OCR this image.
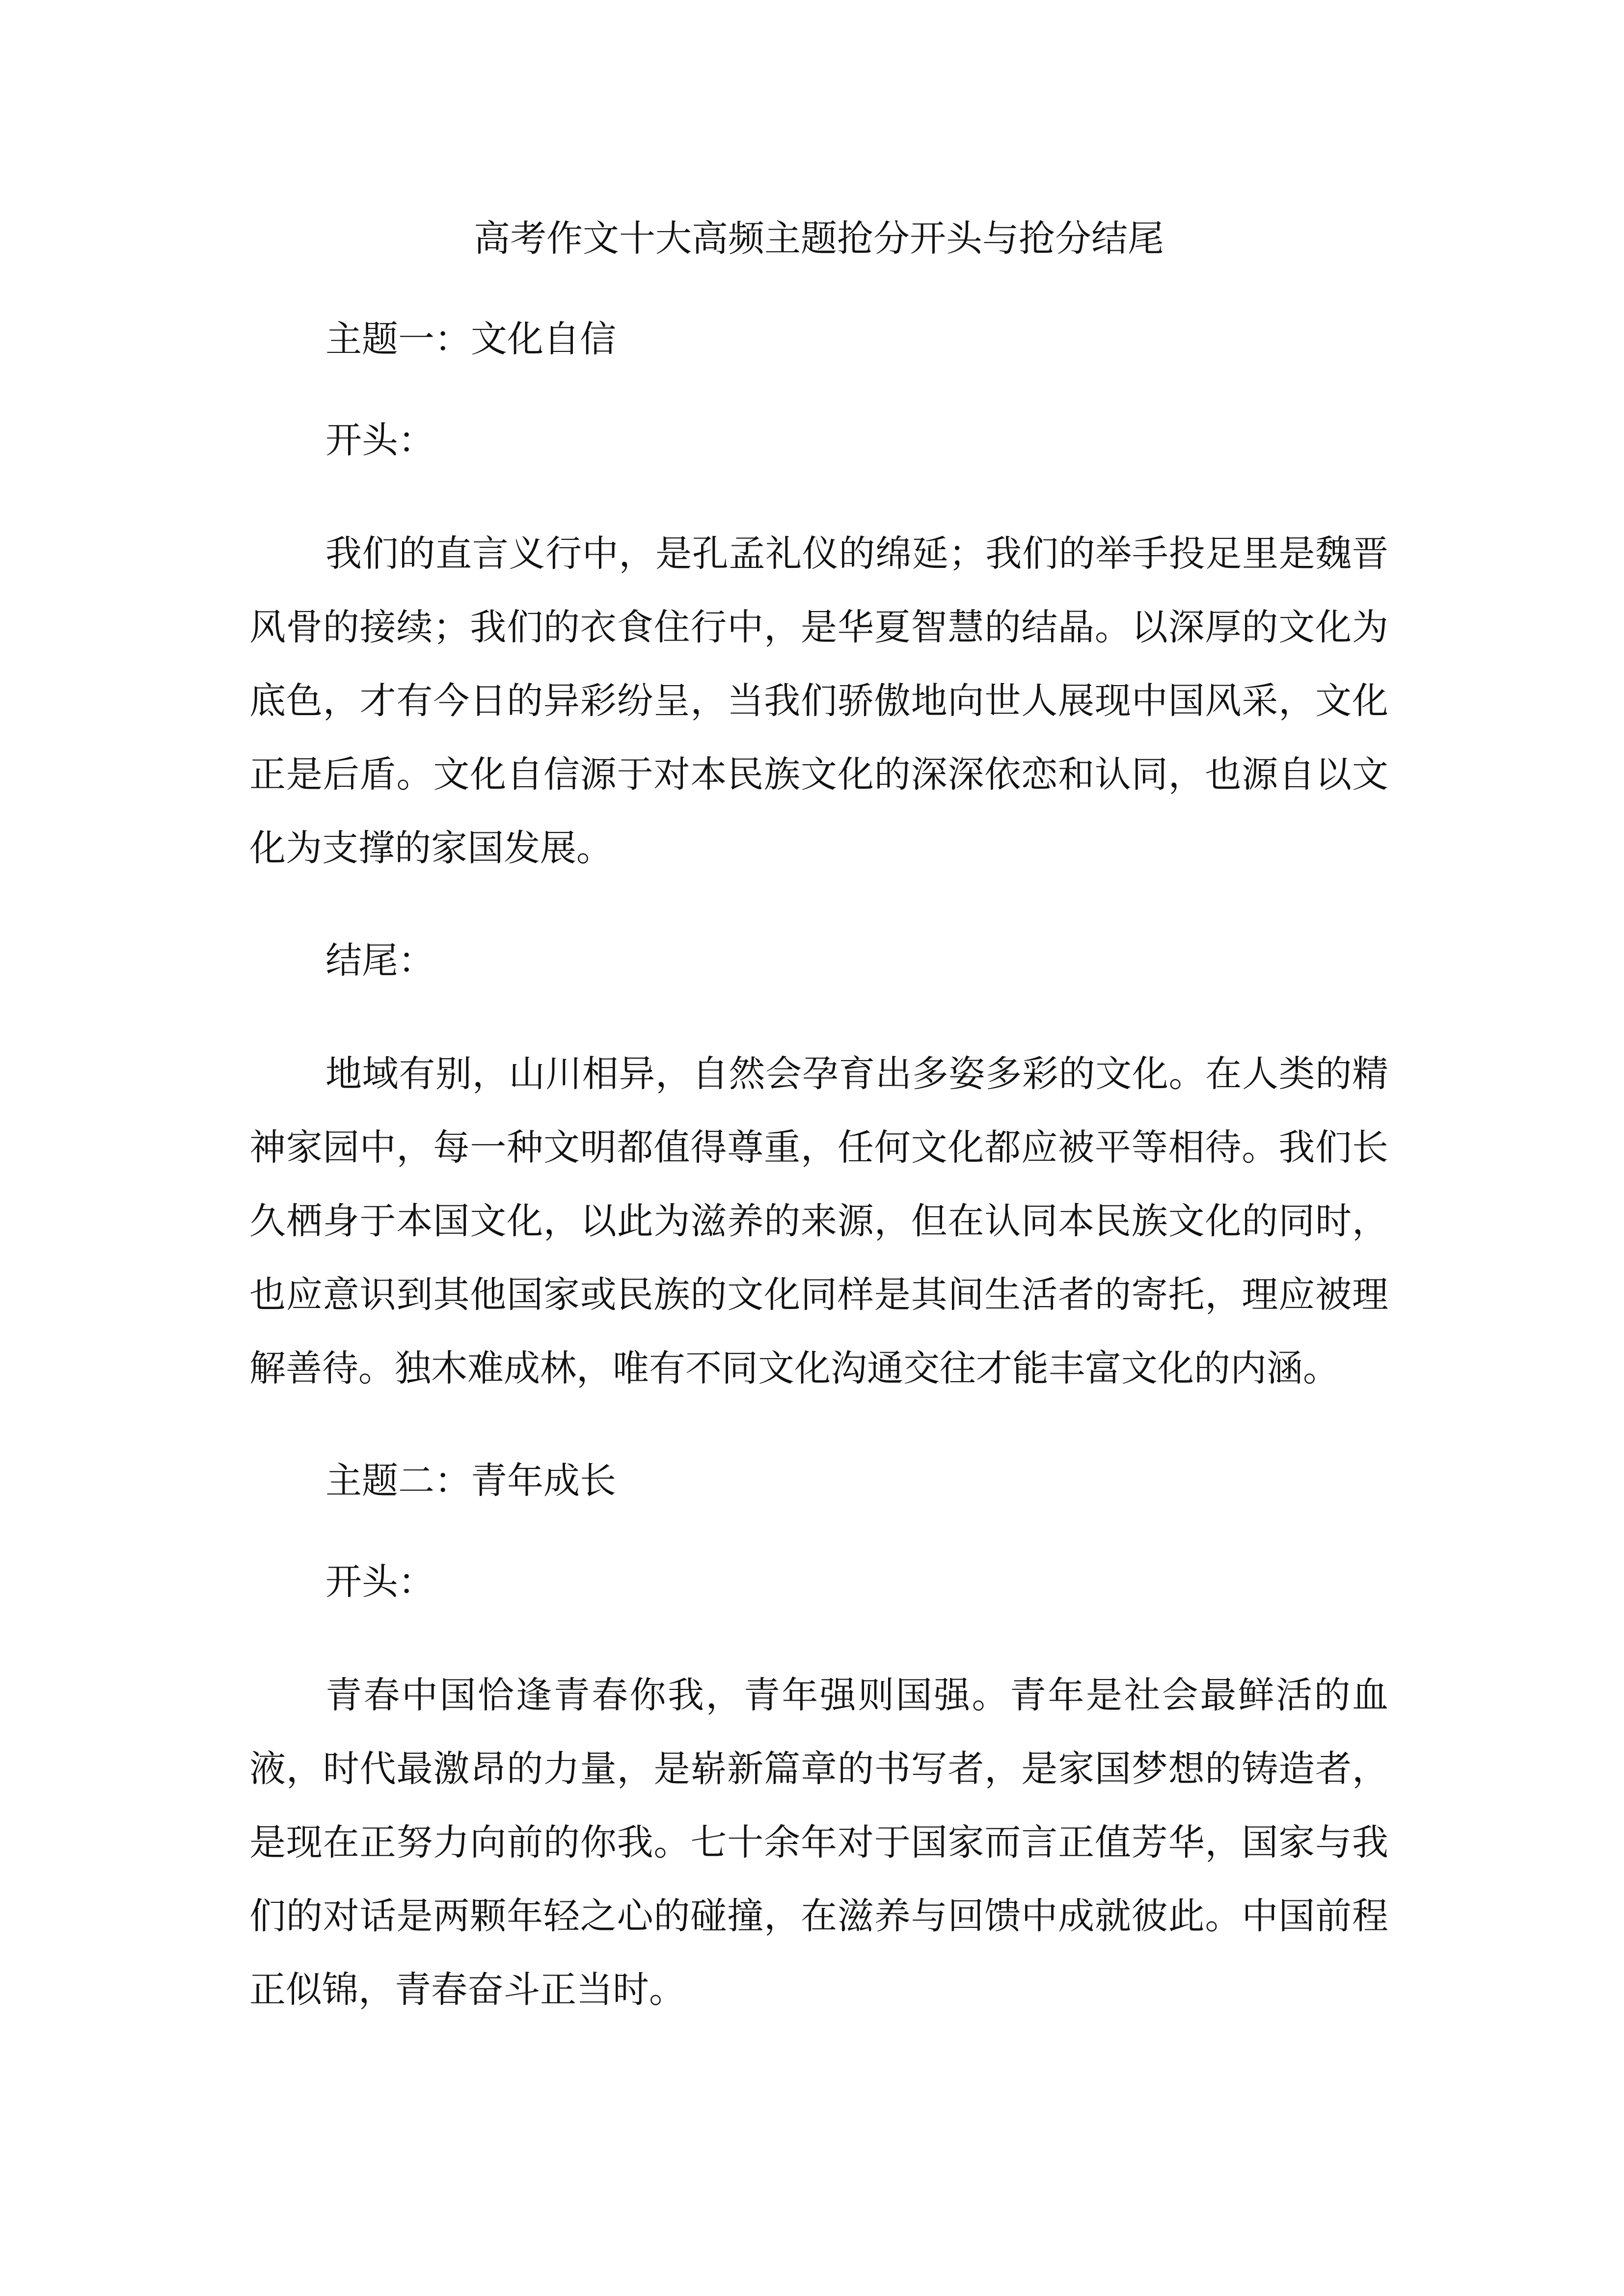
高考作文十大高频主题抢分开头与抢分结尾

主题一：文化自信

开头：

我们的直言义行中，是孔孟礼仪的绵延；我们的举手投足里是魏晋风骨的接续；我们的衣食住行中，是华夏智慧的结晶。以深厚的文化为底色，才有今日的异彩纷呈，当我们骄傲地向世人展现中国风采，文化正是后盾。文化自信源于对本民族文化的深深依恋和认同，也源自以文化为支撑的家国发展。

结尾：

地域有别，山川相异，自然会孕育出多姿多彩的文化。在人类的精神家园中，每一种文明都值得尊重，任何文化都应被平等相待。我们长久栖身于本国文化，以此为滋养的来源，但在认同本民族文化的同时，也应意识到其他国家或民族的文化同样是其间生活者的寄托，理应被理解善待。独木难成林，唯有不同文化沟通交往才能丰富文化的内涵。

主题二：青年成长

开头：

青春中国恰逢青春你我，青年强则国强。青年是社会最鲜活的血液，时代最激昂的力量，是崭新篇章的书写者，是家国梦想的铸造者，是现在正努力向前的你我。七十余年对于国家而言正值芳华，国家与我们的对话是两颗年轻之心的碰撞，在滋养与回馈中成就彼此。中国前程正似锦，青春奋斗正当时。
